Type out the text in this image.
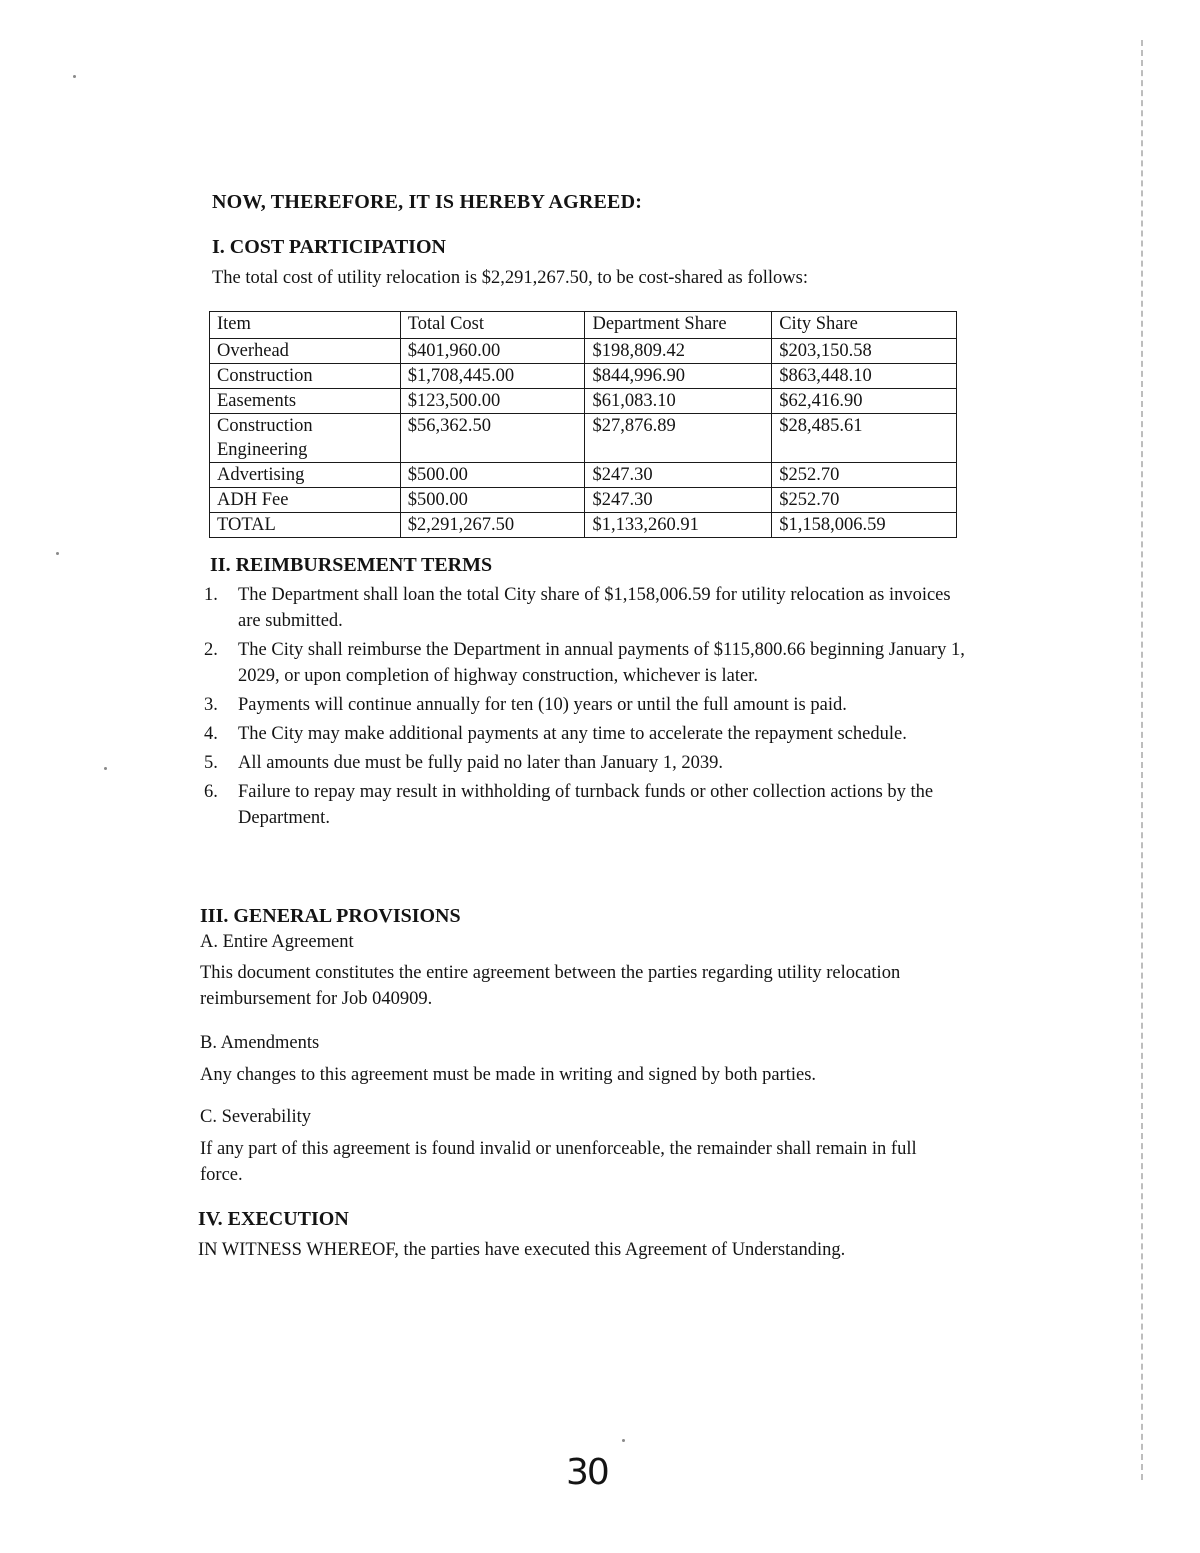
NOW, THEREFORE, IT IS HEREBY AGREED:
I. COST PARTICIPATION

The total cost of utility relocation is $2,291,267.50, to be cost-shared as follows:

Item	Total Cost	Department Share	City Share
Overhead	$401,960.00	$198,809.42	$203,150.58
Construction	$1,708,445.00	$844,996.90	$863,448.10
Easements	$123,500.00	$61,083.10	$62,416.90
Construction Engineering	$56,362.50	$27,876.89	$28,485.61
Advertising	$500.00	$247.30	$252.70
ADH Fee	$500.00	$247.30	$252.70
TOTAL	$2,291,267.50	$1,133,260.91	$1,158,006.59
II. REIMBURSEMENT TERMS
1. The Department shall loan the total City share of $1,158,006.59 for utility relocation as invoices are submitted.
2. The City shall reimburse the Department in annual payments of $115,800.66 beginning January 1, 2029, or upon completion of highway construction, whichever is later.
3. Payments will continue annually for ten (10) years or until the full amount is paid.
4. The City may make additional payments at any time to accelerate the repayment schedule.
5. All amounts due must be fully paid no later than January 1, 2039.
6. Failure to repay may result in withholding of turnback funds or other collection actions by the Department.
III. GENERAL PROVISIONS

A. Entire Agreement

This document constitutes the entire agreement between the parties regarding utility relocation reimbursement for Job 040909.

B. Amendments

Any changes to this agreement must be made in writing and signed by both parties.

C. Severability

If any part of this agreement is found invalid or unenforceable, the remainder shall remain in full force.

IV. EXECUTION

IN WITNESS WHEREOF, the parties have executed this Agreement of Understanding.

30
